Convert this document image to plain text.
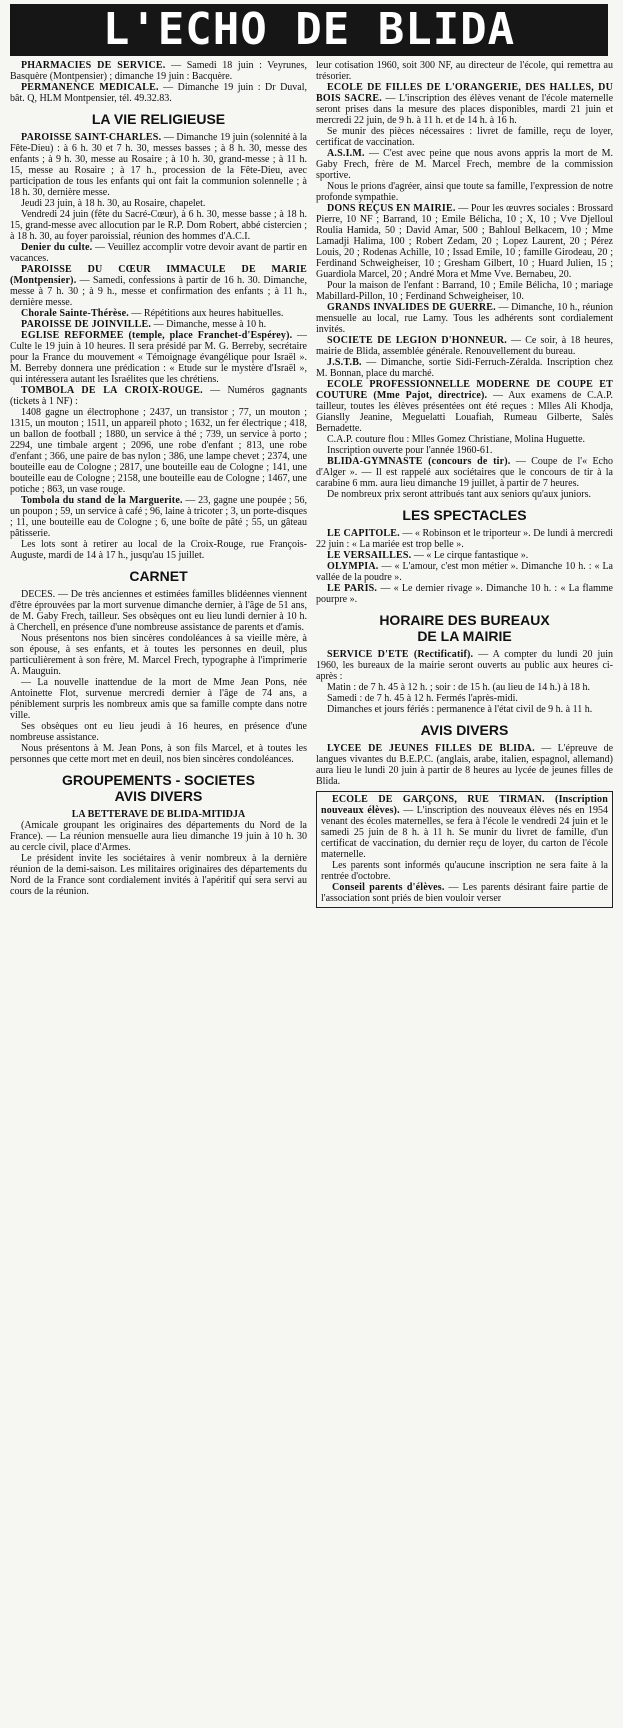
L'ECHO DE BLIDA

PHARMACIES DE SERVICE. — Samedi 18 juin : Veyrunes, Basquère (Montpensier) ; dimanche 19 juin : Bacquère.

PERMANENCE MEDICALE. — Dimanche 19 juin : Dr Duval, bât. Q, HLM Montpensier, tél. 49.32.83.

LA VIE RELIGIEUSE

PAROISSE SAINT-CHARLES. — Dimanche 19 juin (solennité à la Fête-Dieu) : à 6 h. 30 et 7 h. 30, messes basses ; à 8 h. 30, messe des enfants ; à 9 h. 30, messe au Rosaire ; à 10 h. 30, grand-messe ; à 11 h. 15, messe au Rosaire ; à 17 h., procession de la Fête-Dieu, avec participation de tous les enfants qui ont fait la communion solennelle ; à 18 h. 30, dernière messe.

Jeudi 23 juin, à 18 h. 30, au Rosaire, chapelet.

Vendredi 24 juin (fête du Sacré-Cœur), à 6 h. 30, messe basse ; à 18 h. 15, grand-messe avec allocution par le R.P. Dom Robert, abbé cistercien ; à 18 h. 30, au foyer paroissial, réunion des hommes d'A.C.I.

Denier du culte. — Veuillez accomplir votre devoir avant de partir en vacances.

PAROISSE DU CŒUR IMMACULE DE MARIE (Montpensier). — Samedi, confessions à partir de 16 h. 30. Dimanche, messe à 7 h. 30 ; à 9 h., messe et confirmation des enfants ; à 11 h., dernière messe.

Chorale Sainte-Thérèse. — Répétitions aux heures habituelles.

PAROISSE DE JOINVILLE. — Dimanche, messe à 10 h.

EGLISE REFORMEE (temple, place Franchet-d'Espérey). — Culte le 19 juin à 10 heures. Il sera présidé par M. G. Berreby, secrétaire pour la France du mouvement « Témoignage évangélique pour Israël ». M. Berreby donnera une prédication : « Etude sur le mystère d'Israël », qui intéressera autant les Israélites que les chrétiens.

TOMBOLA DE LA CROIX-ROUGE. — Numéros gagnants (tickets à 1 NF) :

1408 gagne un électrophone ; 2437, un transistor ; 77, un mouton ; 1315, un mouton ; 1511, un appareil photo ; 1632, un fer électrique ; 418, un ballon de football ; 1880, un service à thé ; 739, un service à porto ; 2294, une timbale argent ; 2096, une robe d'enfant ; 813, une robe d'enfant ; 366, une paire de bas nylon ; 386, une lampe chevet ; 2374, une bouteille eau de Cologne ; 2817, une bouteille eau de Cologne ; 141, une bouteille eau de Cologne ; 2158, une bouteille eau de Cologne ; 1467, une potiche ; 863, un vase rouge.

Tombola du stand de la Marguerite. — 23, gagne une poupée ; 56, un poupon ; 59, un service à café ; 96, laine à tricoter ; 3, un porte-disques ; 11, une bouteille eau de Cologne ; 6, une boîte de pâté ; 55, un gâteau pâtisserie.

Les lots sont à retirer au local de la Croix-Rouge, rue François-Auguste, mardi de 14 à 17 h., jusqu'au 15 juillet.

CARNET

DECES. — De très anciennes et estimées familles blidéennes viennent d'être éprouvées par la mort survenue dimanche dernier, à l'âge de 51 ans, de M. Gaby Frech, tailleur. Ses obsèques ont eu lieu lundi dernier à 10 h. à Cherchell, en présence d'une nombreuse assistance de parents et d'amis.

Nous présentons nos bien sincères condoléances à sa vieille mère, à son épouse, à ses enfants, et à toutes les personnes en deuil, plus particulièrement à son frère, M. Marcel Frech, typographe à l'imprimerie A. Mauguin.

— La nouvelle inattendue de la mort de Mme Jean Pons, née Antoinette Flot, survenue mercredi dernier à l'âge de 74 ans, a péniblement surpris les nombreux amis que sa famille compte dans notre ville.

Ses obsèques ont eu lieu jeudi à 16 heures, en présence d'une nombreuse assistance.

Nous présentons à M. Jean Pons, à son fils Marcel, et à toutes les personnes que cette mort met en deuil, nos bien sincères condoléances.

GROUPEMENTS - SOCIETES
AVIS DIVERS
LA BETTERAVE DE BLIDA-MITIDJA

(Amicale groupant les originaires des départements du Nord de la France). — La réunion mensuelle aura lieu dimanche 19 juin à 10 h. 30 au cercle civil, place d'Armes.

Le président invite les sociétaires à venir nombreux à la dernière réunion de la demi-saison. Les militaires originaires des départements du Nord de la France sont cordialement invités à l'apéritif qui sera servi au cours de la réunion.

leur cotisation 1960, soit 300 NF, au directeur de l'école, qui remettra au trésorier.

ECOLE DE FILLES DE L'ORANGERIE, DES HALLES, DU BOIS SACRE. — L'inscription des élèves venant de l'école maternelle seront prises dans la mesure des places disponibles, mardi 21 juin et mercredi 22 juin, de 9 h. à 11 h. et de 14 h. à 16 h.

Se munir des pièces nécessaires : livret de famille, reçu de loyer, certificat de vaccination.

A.S.I.M. — C'est avec peine que nous avons appris la mort de M. Gaby Frech, frère de M. Marcel Frech, membre de la commission sportive.

Nous le prions d'agréer, ainsi que toute sa famille, l'expression de notre profonde sympathie.

DONS REÇUS EN MAIRIE. — Pour les œuvres sociales : Brossard Pierre, 10 NF ; Barrand, 10 ; Emile Bélicha, 10 ; X, 10 ; Vve Djelloul Roulia Hamida, 50 ; David Amar, 500 ; Bahloul Belkacem, 10 ; Mme Lamadji Halima, 100 ; Robert Zedam, 20 ; Lopez Laurent, 20 ; Pérez Louis, 20 ; Rodenas Achille, 10 ; Issad Emile, 10 ; famille Girodeau, 20 ; Ferdinand Schweigheiser, 10 ; Gresham Gilbert, 10 ; Huard Julien, 15 ; Guardiola Marcel, 20 ; André Mora et Mme Vve. Bernabeu, 20.

Pour la maison de l'enfant : Barrand, 10 ; Emile Bélicha, 10 ; mariage Mabillard-Pillon, 10 ; Ferdinand Schweigheiser, 10.

GRANDS INVALIDES DE GUERRE. — Dimanche, 10 h., réunion mensuelle au local, rue Lamy. Tous les adhérents sont cordialement invités.

SOCIETE DE LEGION D'HONNEUR. — Ce soir, à 18 heures, mairie de Blida, assemblée générale. Renouvellement du bureau.

J.S.T.B. — Dimanche, sortie Sidi-Ferruch-Zéralda. Inscription chez M. Bonnan, place du marché.

ECOLE PROFESSIONNELLE MODERNE DE COUPE ET COUTURE (Mme Pajot, directrice). — Aux examens de C.A.P. tailleur, toutes les élèves présentées ont été reçues : Mlles Ali Khodja, Gianslly Jeanine, Meguelatti Louafiah, Rumeau Gilberte, Salès Bernadette.

C.A.P. couture flou : Mlles Gomez Christiane, Molina Huguette.

Inscription ouverte pour l'année 1960-61.

BLIDA-GYMNASTE (concours de tir). — Coupe de l'« Echo d'Alger ». — Il est rappelé aux sociétaires que le concours de tir à la carabine 6 mm. aura lieu dimanche 19 juillet, à partir de 7 heures.

De nombreux prix seront attribués tant aux seniors qu'aux juniors.

LES SPECTACLES

LE CAPITOLE. — « Robinson et le triporteur ». De lundi à mercredi 22 juin : « La mariée est trop belle ».

LE VERSAILLES. — « Le cirque fantastique ».

OLYMPIA. — « L'amour, c'est mon métier ». Dimanche 10 h. : « La vallée de la poudre ».

LE PARIS. — « Le dernier rivage ». Dimanche 10 h. : « La flamme pourpre ».

HORAIRE DES BUREAUX
DE LA MAIRIE

SERVICE D'ETE (Rectificatif). — A compter du lundi 20 juin 1960, les bureaux de la mairie seront ouverts au public aux heures ci-après :

Matin : de 7 h. 45 à 12 h. ; soir : de 15 h. (au lieu de 14 h.) à 18 h.

Samedi : de 7 h. 45 à 12 h. Fermés l'après-midi.

Dimanches et jours fériés : permanence à l'état civil de 9 h. à 11 h.

AVIS DIVERS

LYCEE DE JEUNES FILLES DE BLIDA. — L'épreuve de langues vivantes du B.E.P.C. (anglais, arabe, italien, espagnol, allemand) aura lieu le lundi 20 juin à partir de 8 heures au lycée de jeunes filles de Blida.

ECOLE DE GARÇONS, RUE TIRMAN. (Inscription nouveaux élèves). — L'inscription des nouveaux élèves nés en 1954 venant des écoles maternelles, se fera à l'école le vendredi 24 juin et le samedi 25 juin de 8 h. à 11 h. Se munir du livret de famille, d'un certificat de vaccination, du dernier reçu de loyer, du carton de l'école maternelle.

Les parents sont informés qu'aucune inscription ne sera faite à la rentrée d'octobre.

Conseil parents d'élèves. — Les parents désirant faire partie de l'association sont priés de bien vouloir verser
